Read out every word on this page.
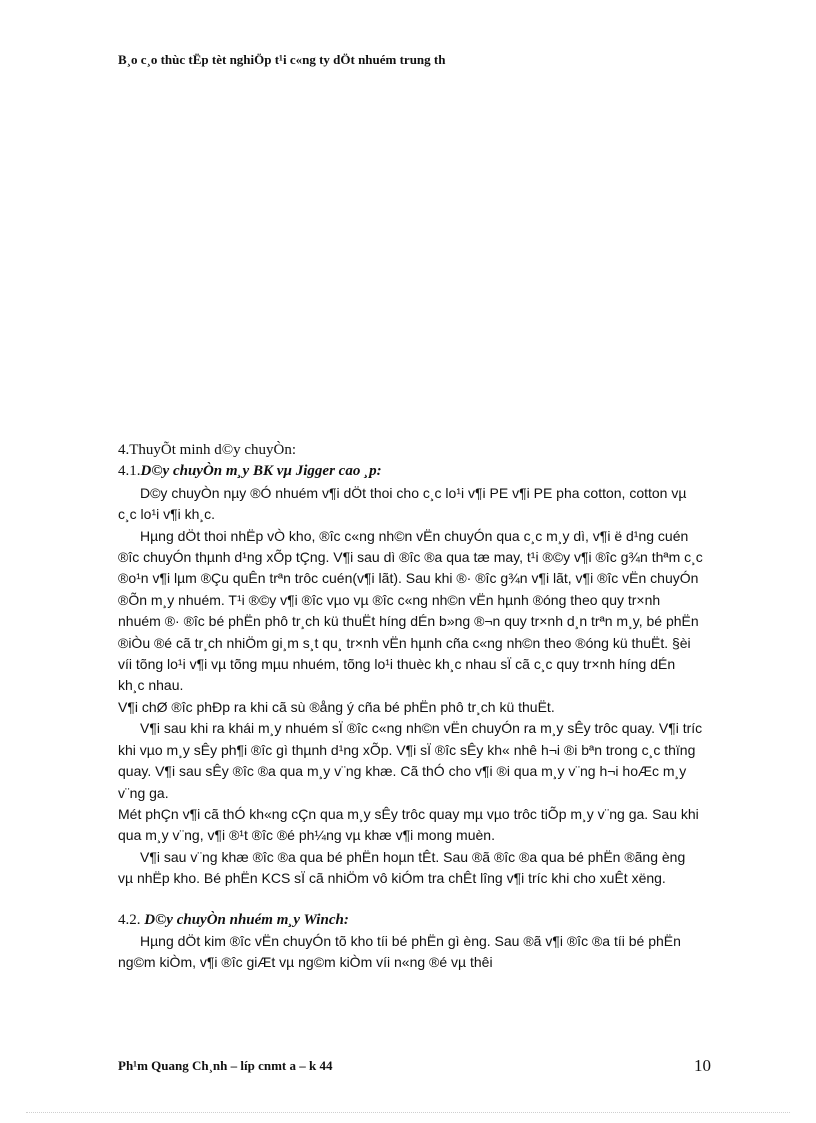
B¸o c¸o thùc tËp tèt nghiÖp t¹i c«ng ty dÖt nhuém trung th

4.ThuyÕt minh d©y chuyÒn:

4.1.D©y chuyÒn m¸y BK vµ Jigger cao ¸p:

D©y chuyÒn nµy ®Ó nhuém v¶i dÖt thoi cho c¸c lo¹i v¶i PE v¶i PE pha cotton, cotton vµ c¸c lo¹i v¶i kh¸c.

Hµng dÖt thoi nhËp vÒ kho, ®îc c«ng nh©n vËn chuyÓn qua c¸c m¸y dì, v¶i ë d¹ng cuén ®îc chuyÓn thµnh d¹ng xÕp tÇng. V¶i sau dì ®îc ®a qua tæ may, t¹i ®©y v¶i ®îc g¾n thªm c¸c ®o¹n v¶i lµm ®Çu quÊn trªn trôc cuén(v¶i lãt). Sau khi ®· ®îc g¾n v¶i lãt, v¶i ®îc vËn chuyÓn ®Õn m¸y nhuém. T¹i ®©y v¶i ®îc vµo vµ ®îc c«ng nh©n vËn hµnh ®óng theo quy tr×nh nhuém ®· ®îc bé phËn phô tr¸ch kü thuËt híng dÉn b»ng ®¬n quy tr×nh d¸n trªn m¸y, bé phËn ®iÒu ®é cã tr¸ch nhiÖm gi¸m s¸t qu¸ tr×nh vËn hµnh cña c«ng nh©n theo ®óng kü thuËt. §èi víi tõng lo¹i v¶i vµ tõng mµu nhuém, tõng lo¹i thuèc kh¸c nhau sÏ cã c¸c quy tr×nh híng dÉn kh¸c nhau.

V¶i chØ ®îc phÐp ra khi cã sù ®ång ý cña bé phËn phô tr¸ch kü thuËt.

V¶i sau khi ra khái m¸y nhuém sÏ ®îc c«ng nh©n vËn chuyÓn ra m¸y sÊy trôc quay. V¶i tríc khi vµo m¸y sÊy ph¶i ®îc gì thµnh d¹ng xÕp. V¶i sÏ ®îc sÊy kh« nhê h¬i ®i bªn trong c¸c thïng quay. V¶i sau sÊy ®îc ®a qua m¸y v¨ng khæ. Cã thÓ cho v¶i ®i qua m¸y v¨ng h¬i hoÆc m¸y v¨ng ga.

Mét phÇn v¶i cã thÓ kh«ng cÇn qua m¸y sÊy trôc quay mµ vµo trôc tiÕp m¸y v¨ng ga. Sau khi qua m¸y v¨ng, v¶i ®¹t ®îc ®é ph¼ng vµ khæ v¶i mong muèn.

V¶i sau v¨ng khæ ®îc ®a qua bé phËn hoµn tÊt. Sau ®ã ®îc ®a qua bé phËn ®ãng èng vµ nhËp kho. Bé phËn KCS sÏ cã nhiÖm vô kiÓm tra chÊt lîng v¶i tríc khi cho xuÊt xëng.

4.2. D©y chuyÒn nhuém m¸y Winch:

Hµng dÖt kim ®îc vËn chuyÓn tõ kho tíi bé phËn gì èng. Sau ®ã v¶i ®îc ®a tíi bé phËn ng©m kiÒm, v¶i ®îc giÆt vµ ng©m kiÒm víi n«ng ®é vµ thêi

Ph¹m Quang Ch¸nh – líp cnmt a – k 44	10
